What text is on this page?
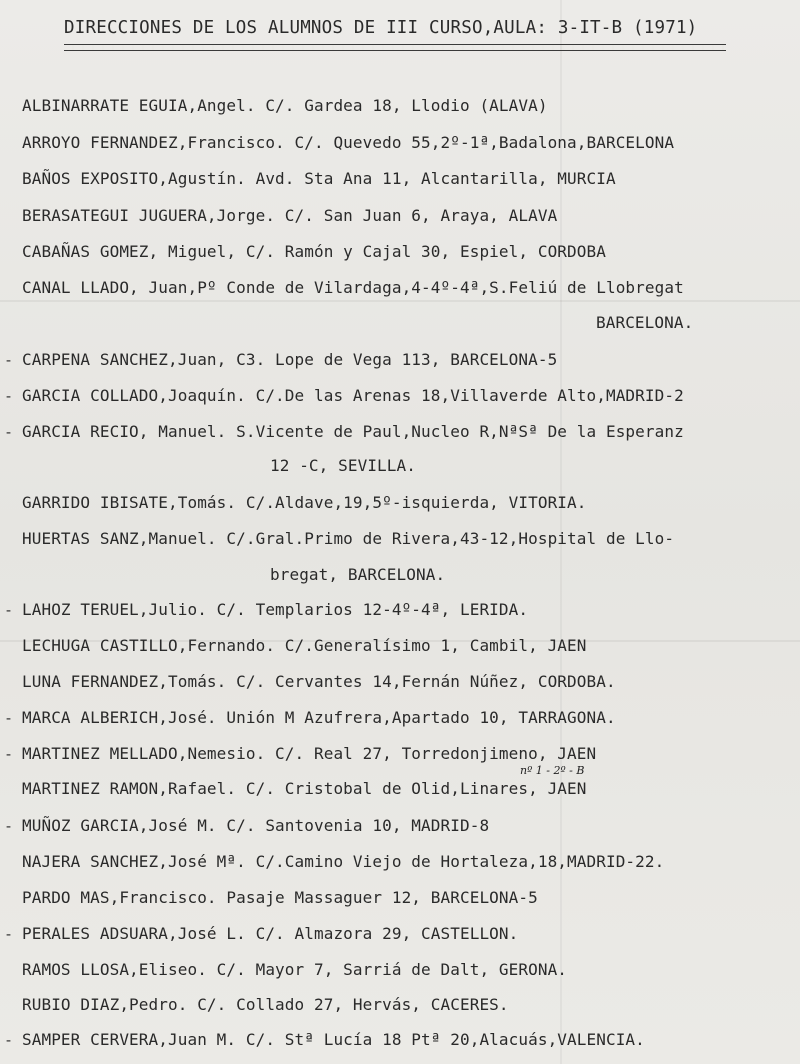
DIRECCIONES DE LOS ALUMNOS DE III CURSO,AULA: 3-IT-B (1971)
ALBINARRATE EGUIA,Angel. C/. Gardea 18, Llodio (ALAVA)
ARROYO FERNANDEZ,Francisco. C/. Quevedo 55,2º-1ª,Badalona,BARCELONA
BAÑOS EXPOSITO,Agustín. Avd. Sta Ana 11, Alcantarilla, MURCIA
BERASATEGUI JUGUERA,Jorge. C/. San Juan 6, Araya, ALAVA
CABAÑAS GOMEZ, Miguel, C/. Ramón y Cajal 30, Espiel, CORDOBA
CANAL LLADO, Juan,Pº Conde de Vilardaga,4-4º-4ª,S.Feliú de Llobregat
BARCELONA.
- CARPENA SANCHEZ,Juan, C3. Lope de Vega 113, BARCELONA-5
- GARCIA COLLADO,Joaquín. C/.De las Arenas 18,Villaverde Alto,MADRID-2
- GARCIA RECIO, Manuel. S.Vicente de Paul,Nucleo R,NªSª De la Esperanz
12 -C, SEVILLA.
GARRIDO IBISATE,Tomás. C/.Aldave,19,5º-isquierda, VITORIA.
HUERTAS SANZ,Manuel. C/.Gral.Primo de Rivera,43-12,Hospital de Llo-
bregat, BARCELONA.
- LAHOZ TERUEL,Julio. C/. Templarios 12-4º-4ª, LERIDA.
LECHUGA CASTILLO,Fernando. C/.Generalísimo 1, Cambil, JAEN
LUNA FERNANDEZ,Tomás. C/. Cervantes 14,Fernán Núñez, CORDOBA.
- MARCA ALBERICH,José. Unión M Azufrera,Apartado 10, TARRAGONA.
- MARTINEZ MELLADO,Nemesio. C/. Real 27, Torredonjimeno, JAEN
nº 1 - 2º - B
MARTINEZ RAMON,Rafael. C/. Cristobal de Olid,Linares, JAEN
- MUÑOZ GARCIA,José M. C/. Santovenia 10, MADRID-8
NAJERA SANCHEZ,José Mª. C/.Camino Viejo de Hortaleza,18,MADRID-22.
PARDO MAS,Francisco. Pasaje Massaguer 12, BARCELONA-5
- PERALES ADSUARA,José L. C/. Almazora 29, CASTELLON.
RAMOS LLOSA,Eliseo. C/. Mayor 7, Sarriá de Dalt, GERONA.
RUBIO DIAZ,Pedro. C/. Collado 27, Hervás, CACERES.
- SAMPER CERVERA,Juan M. C/. Stª Lucía 18 Ptª 20,Alacuás,VALENCIA.
